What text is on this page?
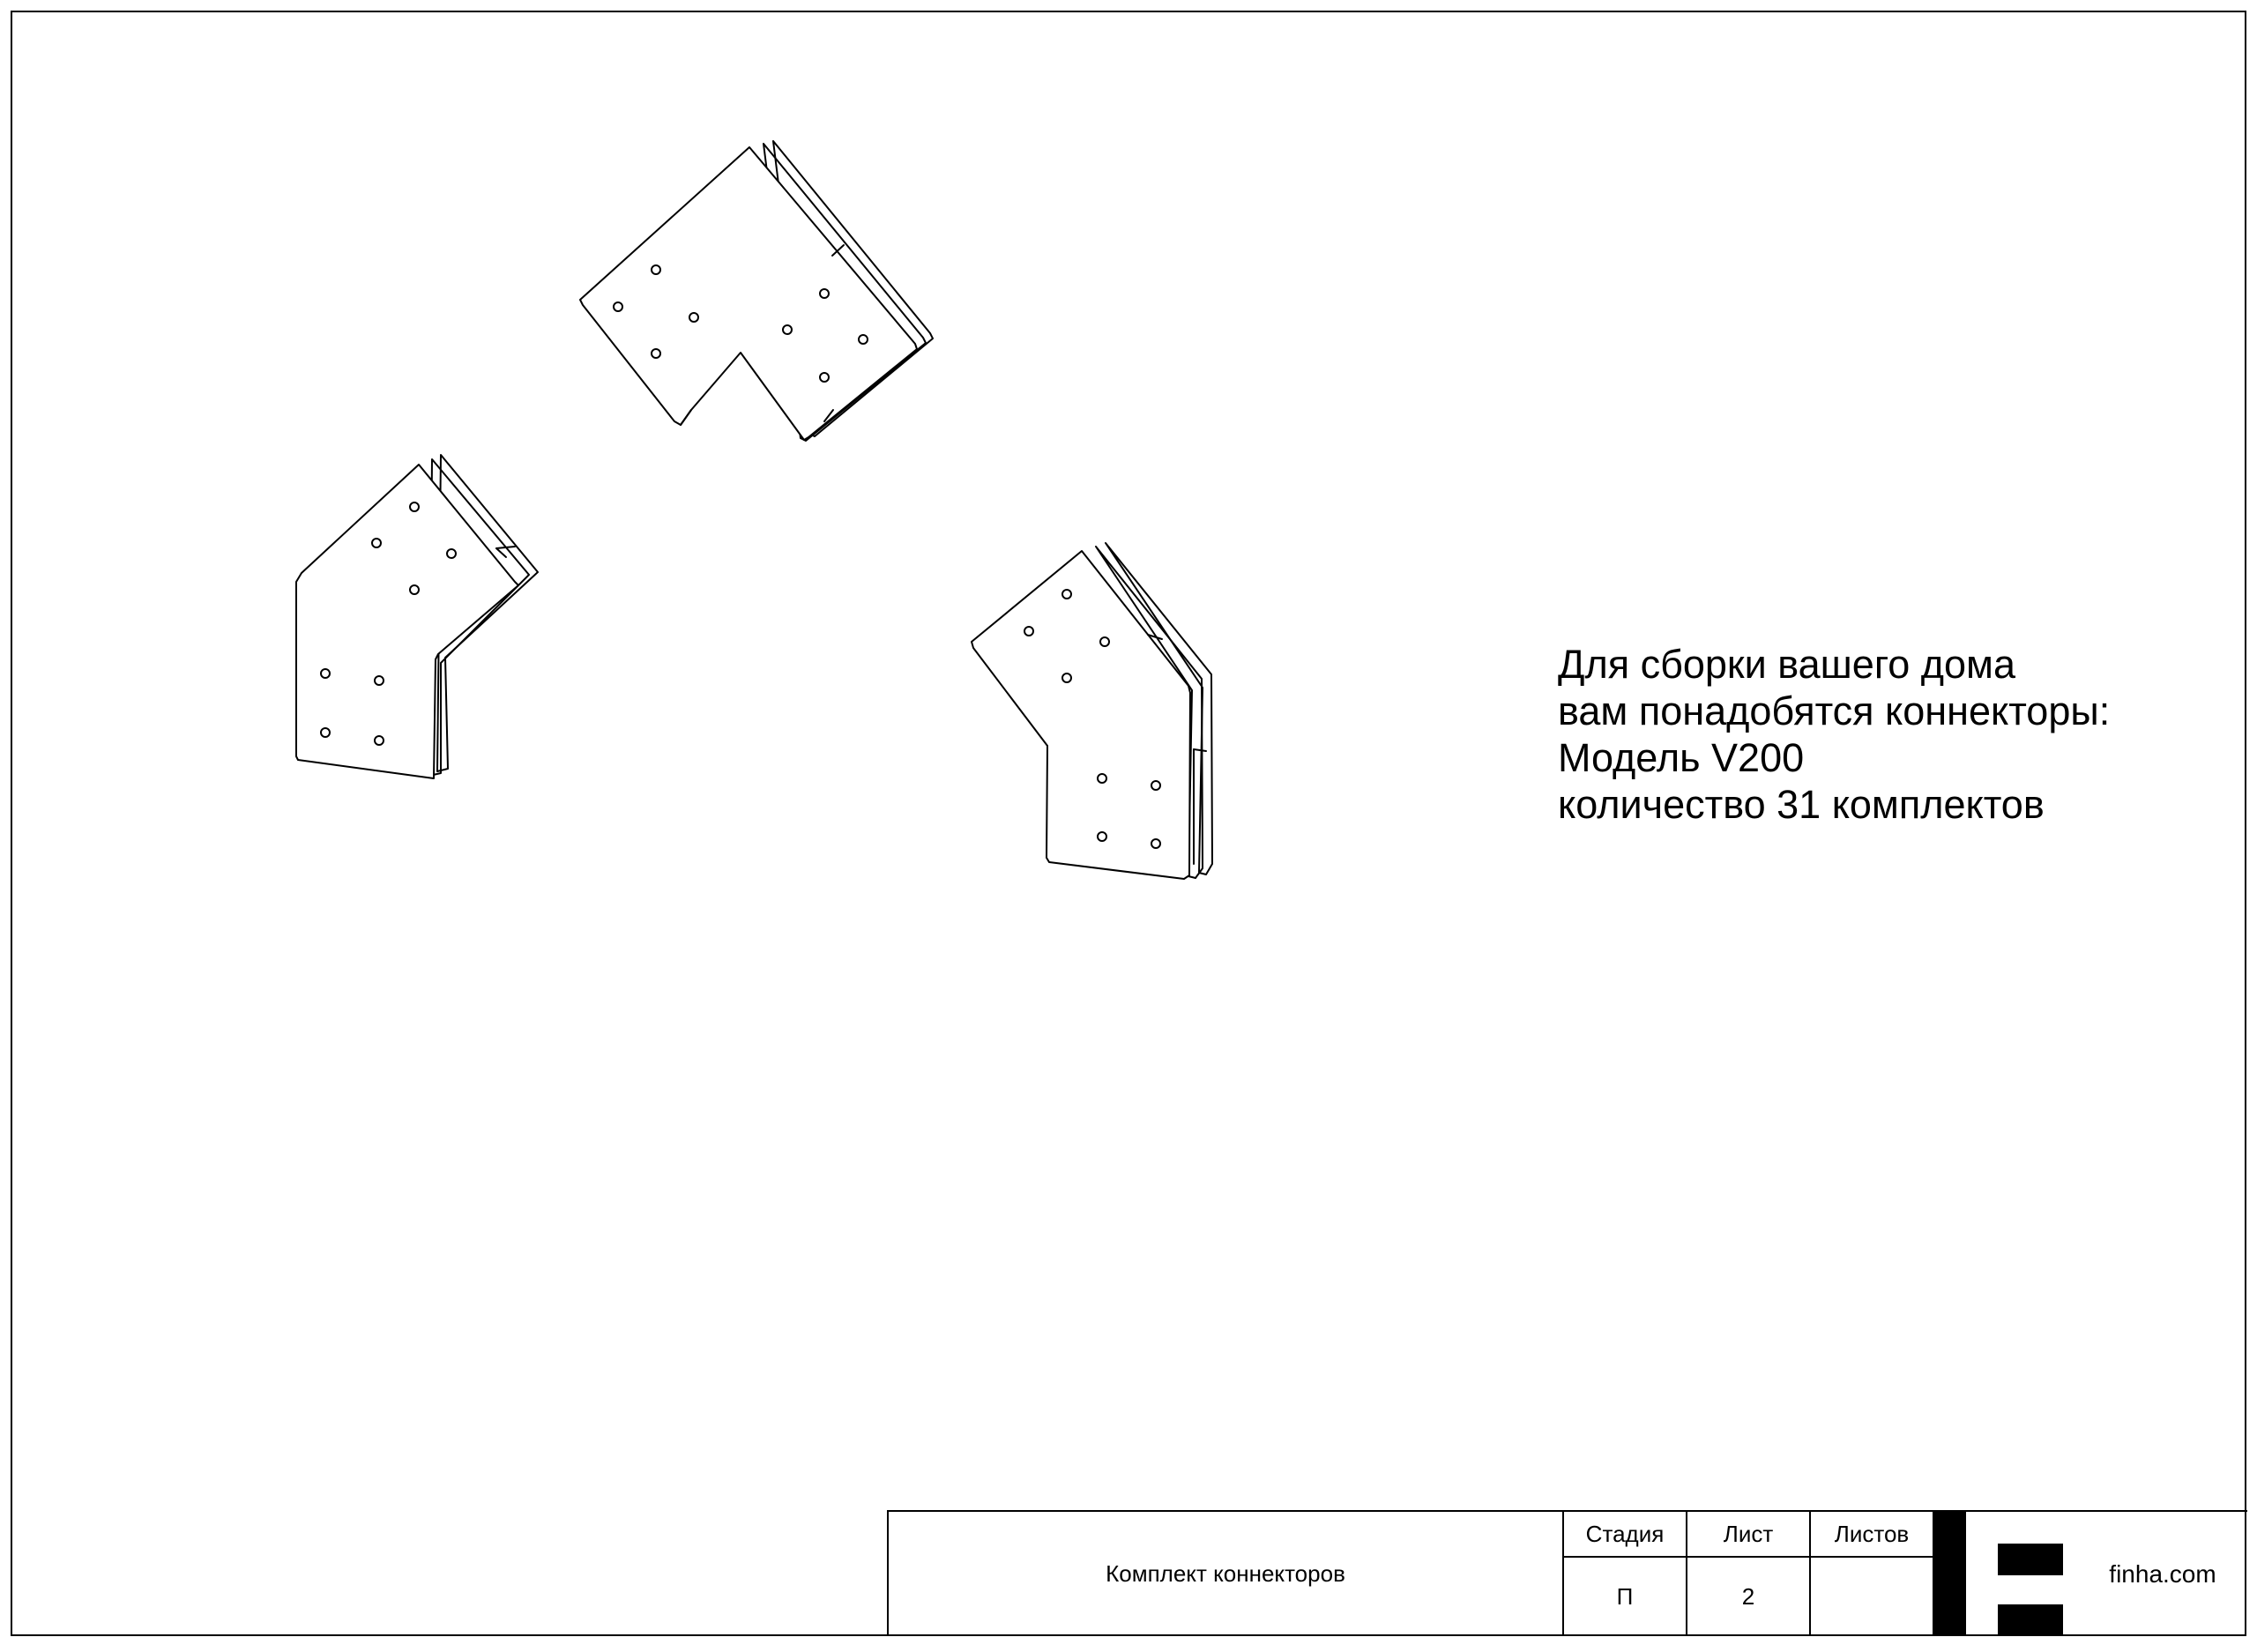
Для сборки вашего дома
вам понадобятся коннекторы:
Модель V200
количество 31 комплектов
Комплект коннекторов
Стадия	Лист	Листов
П	2
finha.com
